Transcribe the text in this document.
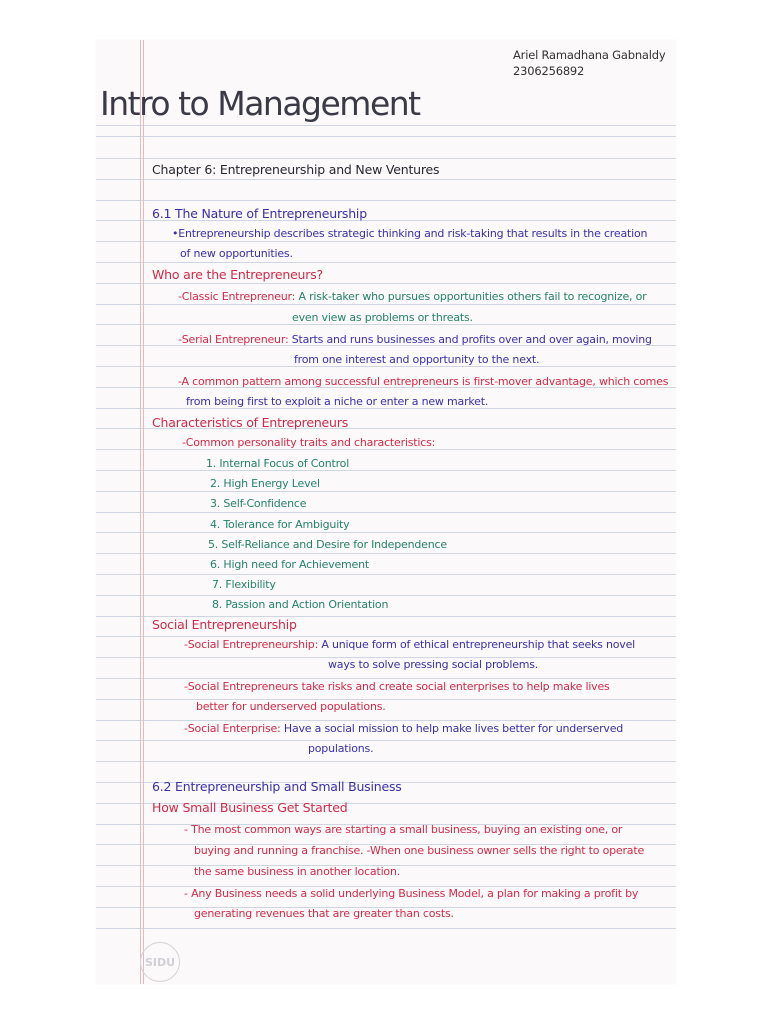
Ariel Ramadhana Gabnaldy
2306256892
Intro to Management
Chapter 6: Entrepreneurship and New Ventures
6.1 The Nature of Entrepreneurship
•Entrepreneurship describes strategic thinking and risk-taking that results in the creation
of new opportunities.
Who are the Entrepreneurs?
-Classic Entrepreneur: A risk-taker who pursues opportunities others fail to recognize, or
even view as problems or threats.
-Serial Entrepreneur: Starts and runs businesses and profits over and over again, moving
from one interest and opportunity to the next.
-A common pattern among successful entrepreneurs is first-mover advantage, which comes
from being first to exploit a niche or enter a new market.
Characteristics of Entrepreneurs
-Common personality traits and characteristics:
1. Internal Focus of Control
2. High Energy Level
3. Self-Confidence
4. Tolerance for Ambiguity
5. Self-Reliance and Desire for Independence
6. High need for Achievement
7. Flexibility
8. Passion and Action Orientation
Social Entrepreneurship
-Social Entrepreneurship: A unique form of ethical entrepreneurship that seeks novel
ways to solve pressing social problems.
-Social Entrepreneurs take risks and create social enterprises to help make lives
better for underserved populations.
-Social Enterprise: Have a social mission to help make lives better for underserved
populations.
6.2 Entrepreneurship and Small Business
How Small Business Get Started
- The most common ways are starting a small business, buying an existing one, or
buying and running a franchise. -When one business owner sells the right to operate
the same business in another location.
- Any Business needs a solid underlying Business Model, a plan for making a profit by
generating revenues that are greater than costs.
SIDU
